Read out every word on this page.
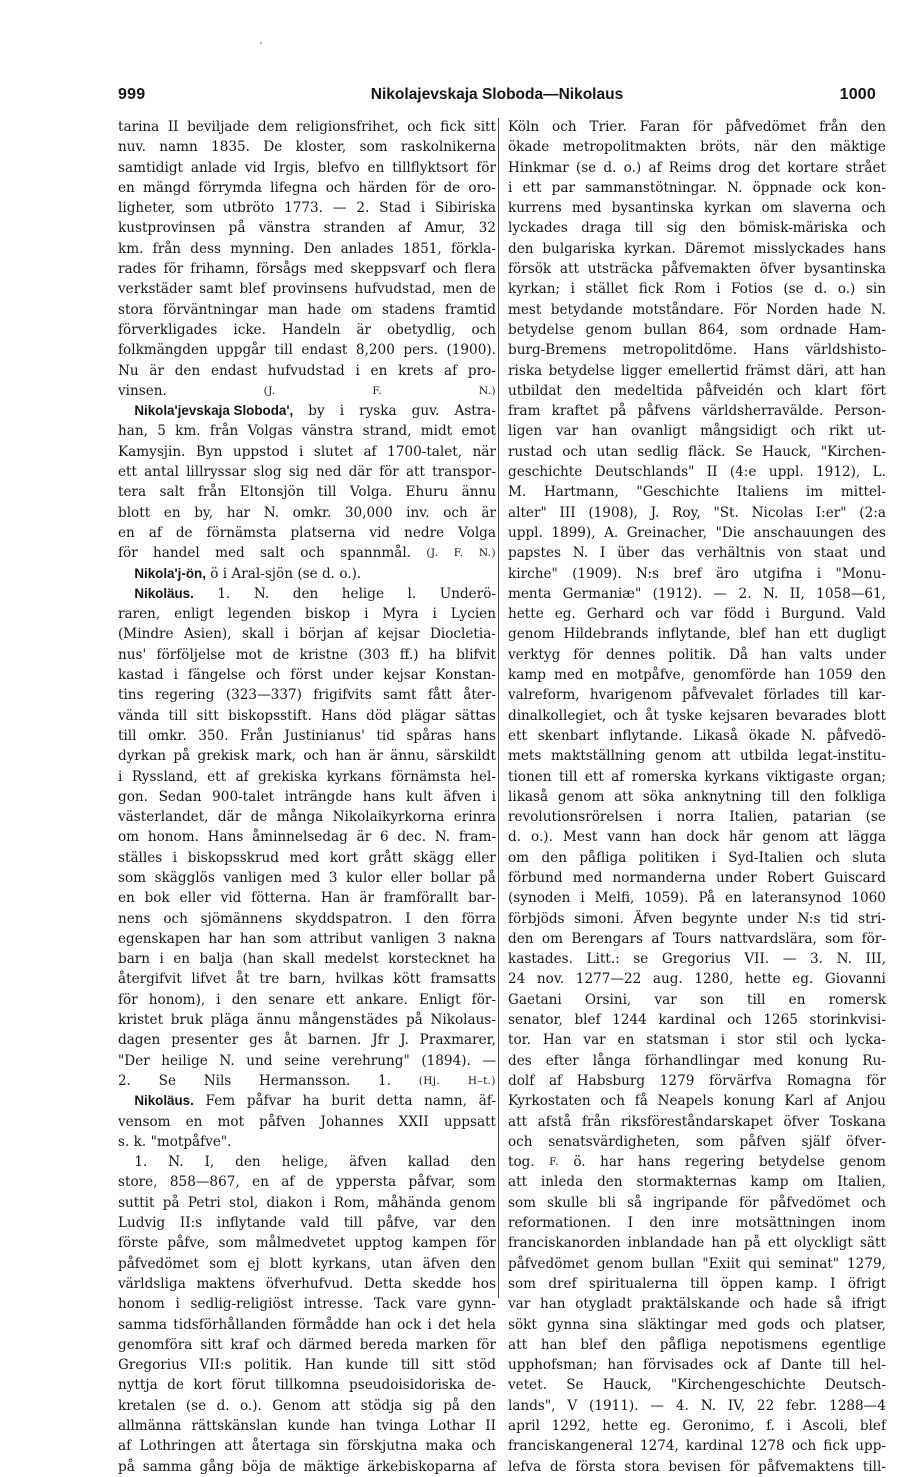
999	Nikolajevskaja Sloboda—Nikolaus	1000
tarina II beviljade dem religionsfrihet, och fick sitt
nuv. namn 1835. De kloster, som raskolnikerna
samtidigt anlade vid Irgis, blefvo en tillflyktsort för
en mängd förrymda lifegna och härden för de oro-
ligheter, som utbröto 1773. — 2. Stad i Sibiriska
kustprovinsen på vänstra stranden af Amur, 32
km. från dess mynning. Den anlades 1851, förkla-
rades för frihamn, försågs med skeppsvarf och flera
verkstäder samt blef provinsens hufvudstad, men de
stora förväntningar man hade om stadens framtid
förverkligades icke. Handeln är obetydlig, och
folkmängden uppgår till endast 8,200 pers. (1900).
Nu är den endast hufvudstad i en krets af pro-
vinsen.	(J.	F.	N.)
Nikola'jevskaja Sloboda', by i ryska guv. Astra-
han, 5 km. från Volgas vänstra strand, midt emot
Kamysjin. Byn uppstod i slutet af 1700-talet, när
ett antal lillryssar slog sig ned där för att transpor-
tera salt från Eltonsjön till Volga. Ehuru ännu
blott en by, har N. omkr. 30,000 inv. och är
en af de förnämsta platserna vid nedre Volga
för handel med salt och spannmål. (J. F. N.)
Nikola'j-ön, ö i Aral-sjön (se d. o.).
Nikoläus. 1. N. den helige l. Underö-
raren, enligt legenden biskop i Myra i Lycien
(Mindre Asien), skall i början af kejsar Diocletia-
nus' förföljelse mot de kristne (303 ff.) ha blifvit
kastad i fängelse och först under kejsar Konstan-
tins regering (323—337) frigifvits samt fått åter-
vända till sitt biskopsstift. Hans död plägar sättas
till omkr. 350. Från Justinianus' tid spåras hans
dyrkan på grekisk mark, och han är ännu, särskildt
i Ryssland, ett af grekiska kyrkans förnämsta hel-
gon. Sedan 900-talet inträngde hans kult äfven i
västerlandet, där de många Nikolaikyrkorna erinra
om honom. Hans åminnelsedag är 6 dec. N. fram-
ställes i biskopsskrud med kort grått skägg eller
som skägglös vanligen med 3 kulor eller bollar på
en bok eller vid fötterna. Han är framförallt bar-
nens och sjömännens skyddspatron. I den förra
egenskapen har han som attribut vanligen 3 nakna
barn i en balja (han skall medelst korstecknet ha
återgifvit lifvet åt tre barn, hvilkas kött framsatts
för honom), i den senare ett ankare. Enligt för-
kristet bruk pläga ännu mångenstädes på Nikolaus-
dagen presenter ges åt barnen. Jfr J. Praxmarer,
"Der heilige N. und seine verehrung" (1894). —
2. Se Nils Hermansson. 1.	(Hj.	H–t.)
Nikoläus. Fem påfvar ha burit detta namn, äf-
vensom en mot påfven Johannes XXII uppsatt
s. k. "motpåfve".
1. N. I, den helige, äfven kallad den
store, 858—867, en af de yppersta påfvar, som
suttit på Petri stol, diakon i Rom, måhända genom
Ludvig II:s inflytande vald till påfve, var den
förste påfve, som målmedvetet upptog kampen för
påfvedömet som ej blott kyrkans, utan äfven den
världsliga maktens öfverhufvud. Detta skedde hos
honom i sedlig-religiöst intresse. Tack vare gynn-
samma tidsförhållanden förmådde han ock i det hela
genomföra sitt kraf och därmed bereda marken för
Gregorius VII:s politik. Han kunde till sitt stöd
nyttja de kort förut tillkomna pseudoisidoriska de-
kretalen (se d. o.). Genom att stödja sig på den
allmänna rättskänslan kunde han tvinga Lothar II
af Lothringen att återtaga sin förskjutna maka och
på samma gång böja de mäktige ärkebiskoparna af
Köln och Trier. Faran för påfvedömet från den
ökade metropolitmakten bröts, när den mäktige
Hinkmar (se d. o.) af Reims drog det kortare strået
i ett par sammanstötningar. N. öppnade ock kon-
kurrens med bysantinska kyrkan om slaverna och
lyckades draga till sig den bömisk-märiska och
den bulgariska kyrkan. Däremot misslyckades hans
försök att utsträcka påfvemakten öfver bysantinska
kyrkan; i stället fick Rom i Fotios (se d. o.) sin
mest betydande motståndare. För Norden hade N.
betydelse genom bullan 864, som ordnade Ham-
burg-Bremens metropolitdöme. Hans världshisto-
riska betydelse ligger emellertid främst däri, att han
utbildat den medeltida påfveidén och klart fört
fram kraftet på påfvens världsherravälde. Person-
ligen var han ovanligt mångsidigt och rikt ut-
rustad och utan sedlig fläck. Se Hauck, "Kirchen-
geschichte Deutschlands" II (4:e uppl. 1912), L.
M. Hartmann, "Geschichte Italiens im mittel-
alter" III (1908), J. Roy, "St. Nicolas I:er" (2:a
uppl. 1899), A. Greinacher, "Die anschauungen des
papstes N. I über das verhältnis von staat und
kirche" (1909). N:s bref äro utgifna i "Monu-
menta Germaniæ" (1912). — 2. N. II, 1058—61,
hette eg. Gerhard och var född i Burgund. Vald
genom Hildebrands inflytande, blef han ett dugligt
verktyg för dennes politik. Då han valts under
kamp med en motpåfve, genomförde han 1059 den
valreform, hvarigenom påfvevalet förlades till kar-
dinalkollegiet, och åt tyske kejsaren bevarades blott
ett skenbart inflytande. Likaså ökade N. påfvedö-
mets maktställning genom att utbilda legat-institu-
tionen till ett af romerska kyrkans viktigaste organ;
likaså genom att söka anknytning till den folkliga
revolutionsrörelsen i norra Italien, patarian (se
d. o.). Mest vann han dock här genom att lägga
om den påfliga politiken i Syd-Italien och sluta
förbund med normanderna under Robert Guiscard
(synoden i Melfi, 1059). På en lateransynod 1060
förbjöds simoni. Äfven begynte under N:s tid stri-
den om Berengars af Tours nattvardslära, som för-
kastades. Litt.: se Gregorius VII. — 3. N. III,
24 nov. 1277—22 aug. 1280, hette eg. Giovanni
Gaetani Orsini, var son till en romersk
senator, blef 1244 kardinal och 1265 storinkvisi-
tor. Han var en statsman i stor stil och lycka-
des efter långa förhandlingar med konung Ru-
dolf af Habsburg 1279 förvärfva Romagna för
Kyrkostaten och få Neapels konung Karl af Anjou
att afstå från riksföreståndarskapet öfver Toskana
och senatsvärdigheten, som påfven själf öfver-
tog. F. ö. har hans regering betydelse genom
att inleda den stormakternas kamp om Italien,
som skulle bli så ingripande för påfvedömet och
reformationen. I den inre motsättningen inom
franciskanorden inblandade han på ett olyckligt sätt
påfvedömet genom bullan "Exiit qui seminat" 1279,
som dref spiritualerna till öppen kamp. I öfrigt
var han otygladt praktälskande och hade så ifrigt
sökt gynna sina släktingar med gods och platser,
att han blef den påfliga nepotismens egentlige
upphofsman; han förvisades ock af Dante till hel-
vetet. Se Hauck, "Kirchengeschichte Deutsch-
lands", V (1911). — 4. N. IV, 22 febr. 1288—4
april 1292, hette eg. Geronimo, f. i Ascoli, blef
franciskangeneral 1274, kardinal 1278 och fick upp-
lefva de första stora bevisen för påfvemaktens till-
